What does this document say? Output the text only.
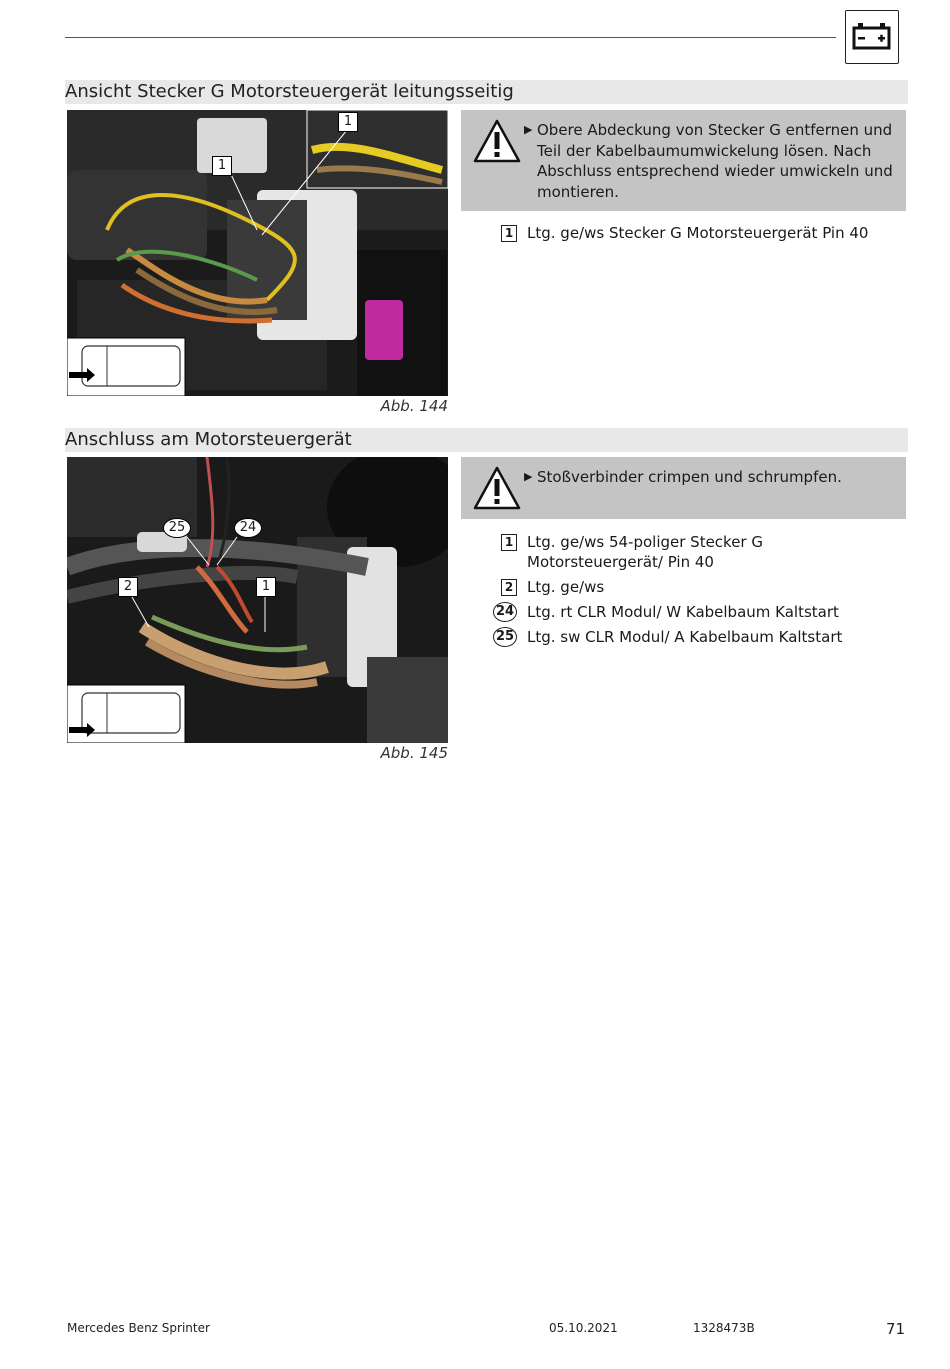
Ansicht Stecker G Motorsteuergerät leitungsseitig
1
1
Abb. 144
▶ Obere Abdeckung von Stecker G entfernen und Teil der Kabelbaumumwickelung lösen. Nach Abschluss entsprechend wieder umwickeln und montieren.
1 Ltg. ge/ws Stecker G Motorsteuergerät Pin 40
Anschluss am Motorsteuergerät
25	24
2	1
Abb. 145
▶ Stoßverbinder crimpen und schrumpfen.
1 Ltg. ge/ws 54-poliger Stecker G Motorsteuergerät/ Pin 40
2 Ltg. ge/ws
24 Ltg. rt CLR Modul/ W Kabelbaum Kaltstart
25 Ltg. sw CLR Modul/ A Kabelbaum Kaltstart
Mercedes Benz Sprinter	05.10.2021	1328473B	71
